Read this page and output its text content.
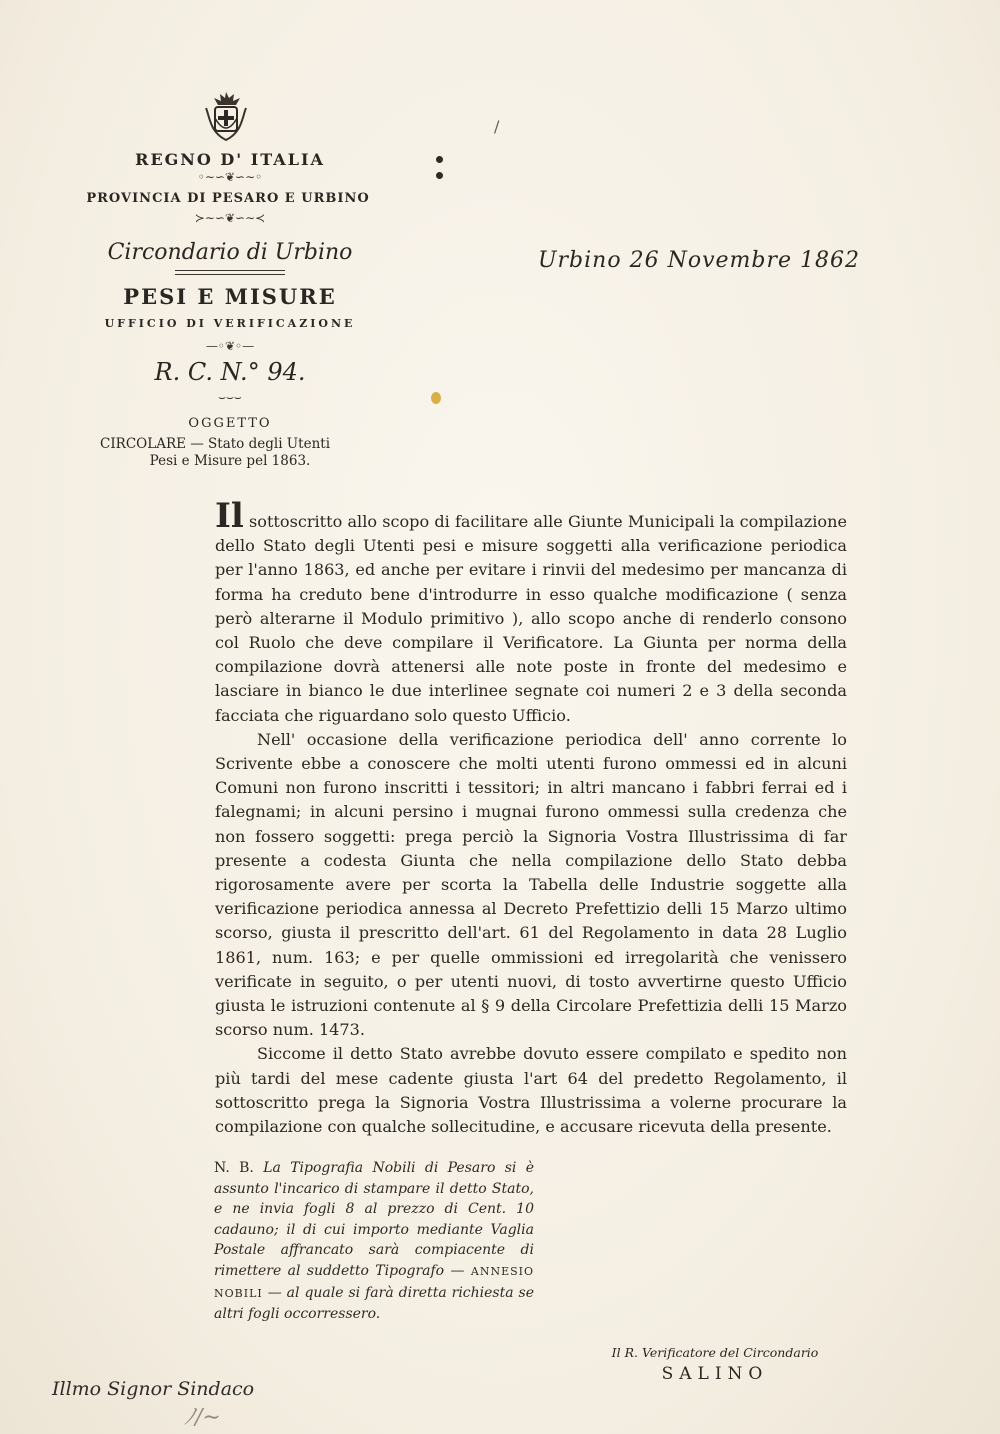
REGNO D' ITALIA
◦∼∽❦∽∼◦
PROVINCIA DI PESARO E URBINO
≻∼∽❦∽∼≺
Circondario di Urbino
PESI E MISURE
UFFICIO DI VERIFICAZIONE
—◦❦◦—
R. C. N.° 94.
⌣⌣⌣
OGGETTO
CIRCOLARE — Stato degli Utenti
Pesi e Misure pel 1863.
/
Urbino 26 Novembre 1862

Il sottoscritto allo scopo di facilitare alle Giunte Municipali la compilazione dello Stato degli Utenti pesi e misure soggetti alla verificazione periodica per l'anno 1863, ed anche per evitare i rinvii del medesimo per mancanza di forma ha creduto bene d'introdurre in esso qualche modificazione ( senza però alterarne il Modulo primitivo ), allo scopo anche di renderlo consono col Ruolo che deve compilare il Verificatore. La Giunta per norma della compilazione dovrà attenersi alle note poste in fronte del medesimo e lasciare in bianco le due interlinee segnate coi numeri 2 e 3 della seconda facciata che riguardano solo questo Ufficio.

Nell' occasione della verificazione periodica dell' anno corrente lo Scrivente ebbe a conoscere che molti utenti furono ommessi ed in alcuni Comuni non furono inscritti i tessitori; in altri mancano i fabbri ferrai ed i falegnami; in alcuni persino i mugnai furono ommessi sulla credenza che non fossero soggetti: prega perciò la Signoria Vostra Illustrissima di far presente a codesta Giunta che nella compilazione dello Stato debba rigorosamente avere per scorta la Tabella delle Industrie soggette alla verificazione periodica annessa al Decreto Prefettizio delli 15 Marzo ultimo scorso, giusta il prescritto dell'art. 61 del Regolamento in data 28 Luglio 1861, num. 163; e per quelle ommissioni ed irregolarità che venissero verificate in seguito, o per utenti nuovi, di tosto avvertirne questo Ufficio giusta le istruzioni contenute al § 9 della Circolare Prefettizia delli 15 Marzo scorso num. 1473.

Siccome il detto Stato avrebbe dovuto essere compilato e spedito non più tardi del mese cadente giusta l'art 64 del predetto Regolamento, il sottoscritto prega la Signoria Vostra Illustrissima a volerne procurare la compilazione con qualche sollecitudine, e accusare ricevuta della presente.

N. B. La Tipografia Nobili di Pesaro si è assunto l'incarico di stampare il detto Stato, e ne invia fogli 8 al prezzo di Cent. 10 cadauno; il di cui importo mediante Vaglia Postale affrancato sarà compiacente di rimettere al suddetto Tipografo — ANNESIO NOBILI — al quale si farà diretta richiesta se altri fogli occorressero.
Il R. Verificatore del Circondario
SALINO
Illmo Signor Sindaco
ﾉ∕∼
